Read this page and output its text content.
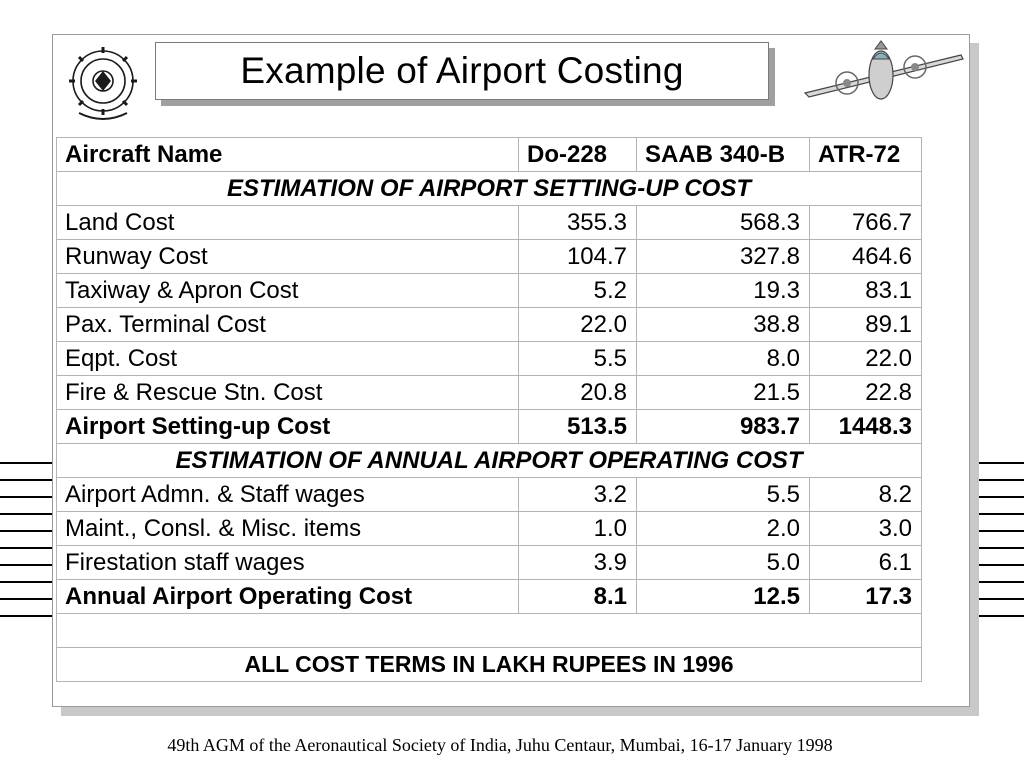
Example of Airport Costing
Aircraft Name	Do-228	SAAB 340-B	ATR-72
ESTIMATION OF AIRPORT SETTING-UP COST			
Land Cost	355.3	568.3	766.7
Runway Cost	104.7	327.8	464.6
Taxiway & Apron Cost	5.2	19.3	83.1
Pax. Terminal Cost	22.0	38.8	89.1
Eqpt. Cost	5.5	8.0	22.0
Fire & Rescue Stn. Cost	20.8	21.5	22.8
Airport Setting-up Cost	513.5	983.7	1448.3
ESTIMATION OF ANNUAL AIRPORT OPERATING COST			
Airport Admn. & Staff wages	3.2	5.5	8.2
Maint., Consl. & Misc. items	1.0	2.0	3.0
Firestation staff wages	3.9	5.0	6.1
Annual Airport Operating Cost	8.1	12.5	17.3

ALL COST TERMS IN LAKH RUPEES IN 1996			
49th AGM of the Aeronautical Society of India, Juhu Centaur, Mumbai, 16-17 January 1998
